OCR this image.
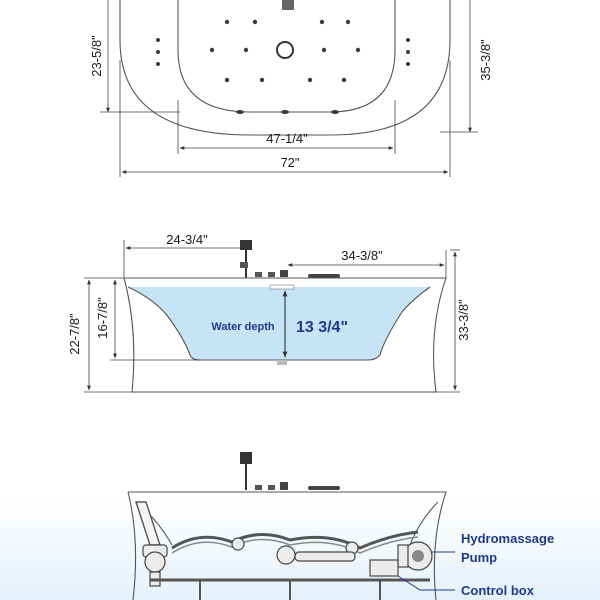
23-5/8"	35-3/8"
47-1/4"
72"
24-3/4"
34-3/8"
Water depth 13 3/4"
22-7/8" 16-7/8"	33-3/8"
Hydromassage
Pump
Control box
